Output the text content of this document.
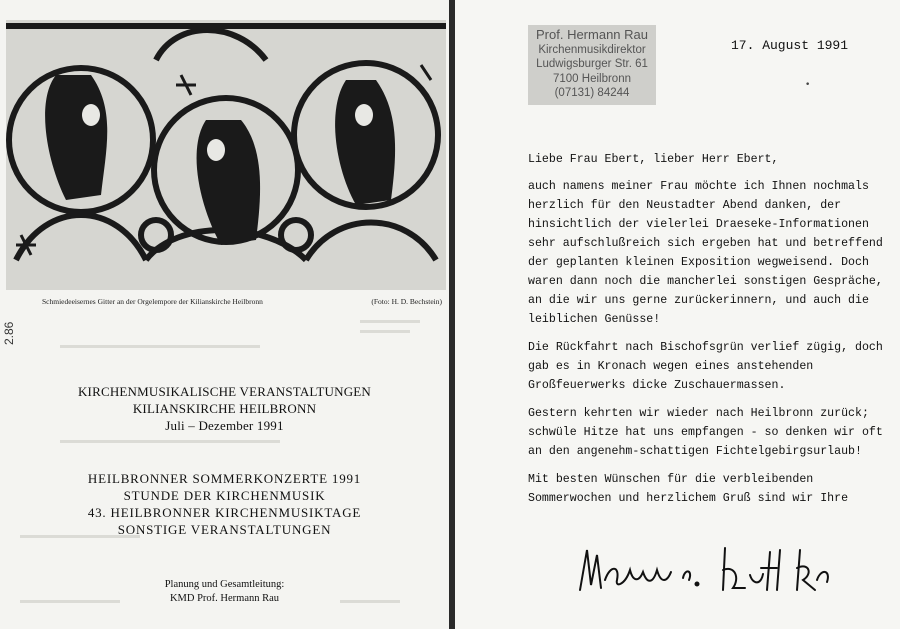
Schmiedeeisernes Gitter an der Orgelempore der Kilianskirche Heilbronn	(Foto: H. D. Bechstein)
2.86
KIRCHENMUSIKALISCHE VERANSTALTUNGEN
KILIANSKIRCHE HEILBRONN
Juli – Dezember 1991
HEILBRONNER SOMMERKONZERTE 1991
STUNDE DER KIRCHENMUSIK
43. HEILBRONNER KIRCHENMUSIKTAGE
SONSTIGE VERANSTALTUNGEN
Planung und Gesamtleitung:
KMD Prof. Hermann Rau
Prof. Hermann Rau
Kirchenmusikdirektor
Ludwigsburger Str. 61
7100 Heilbronn
(07131) 84244
17. August 1991
•

Liebe Frau Ebert, lieber Herr Ebert,

auch namens meiner Frau möchte ich Ihnen nochmals herzlich für den Neustadter Abend danken, der hinsichtlich der vielerlei Draeseke-Informationen sehr aufschlußreich sich ergeben hat und betreffend der geplanten kleinen Exposition wegweisend. Doch waren dann noch die mancherlei sonstigen Gespräche, an die wir uns gerne zurückerinnern, und auch die leiblichen Genüsse!

Die Rückfahrt nach Bischofsgrün verlief zügig, doch gab es in Kronach wegen eines anstehenden Großfeuerwerks dicke Zuschauermassen.

Gestern kehrten wir wieder nach Heilbronn zurück; schwüle Hitze hat uns empfangen - so denken wir oft an den angenehm-schattigen Fichtelgebirgsurlaub!

Mit besten Wünschen für die verbleibenden Sommerwochen und herzlichem Gruß sind wir Ihre
